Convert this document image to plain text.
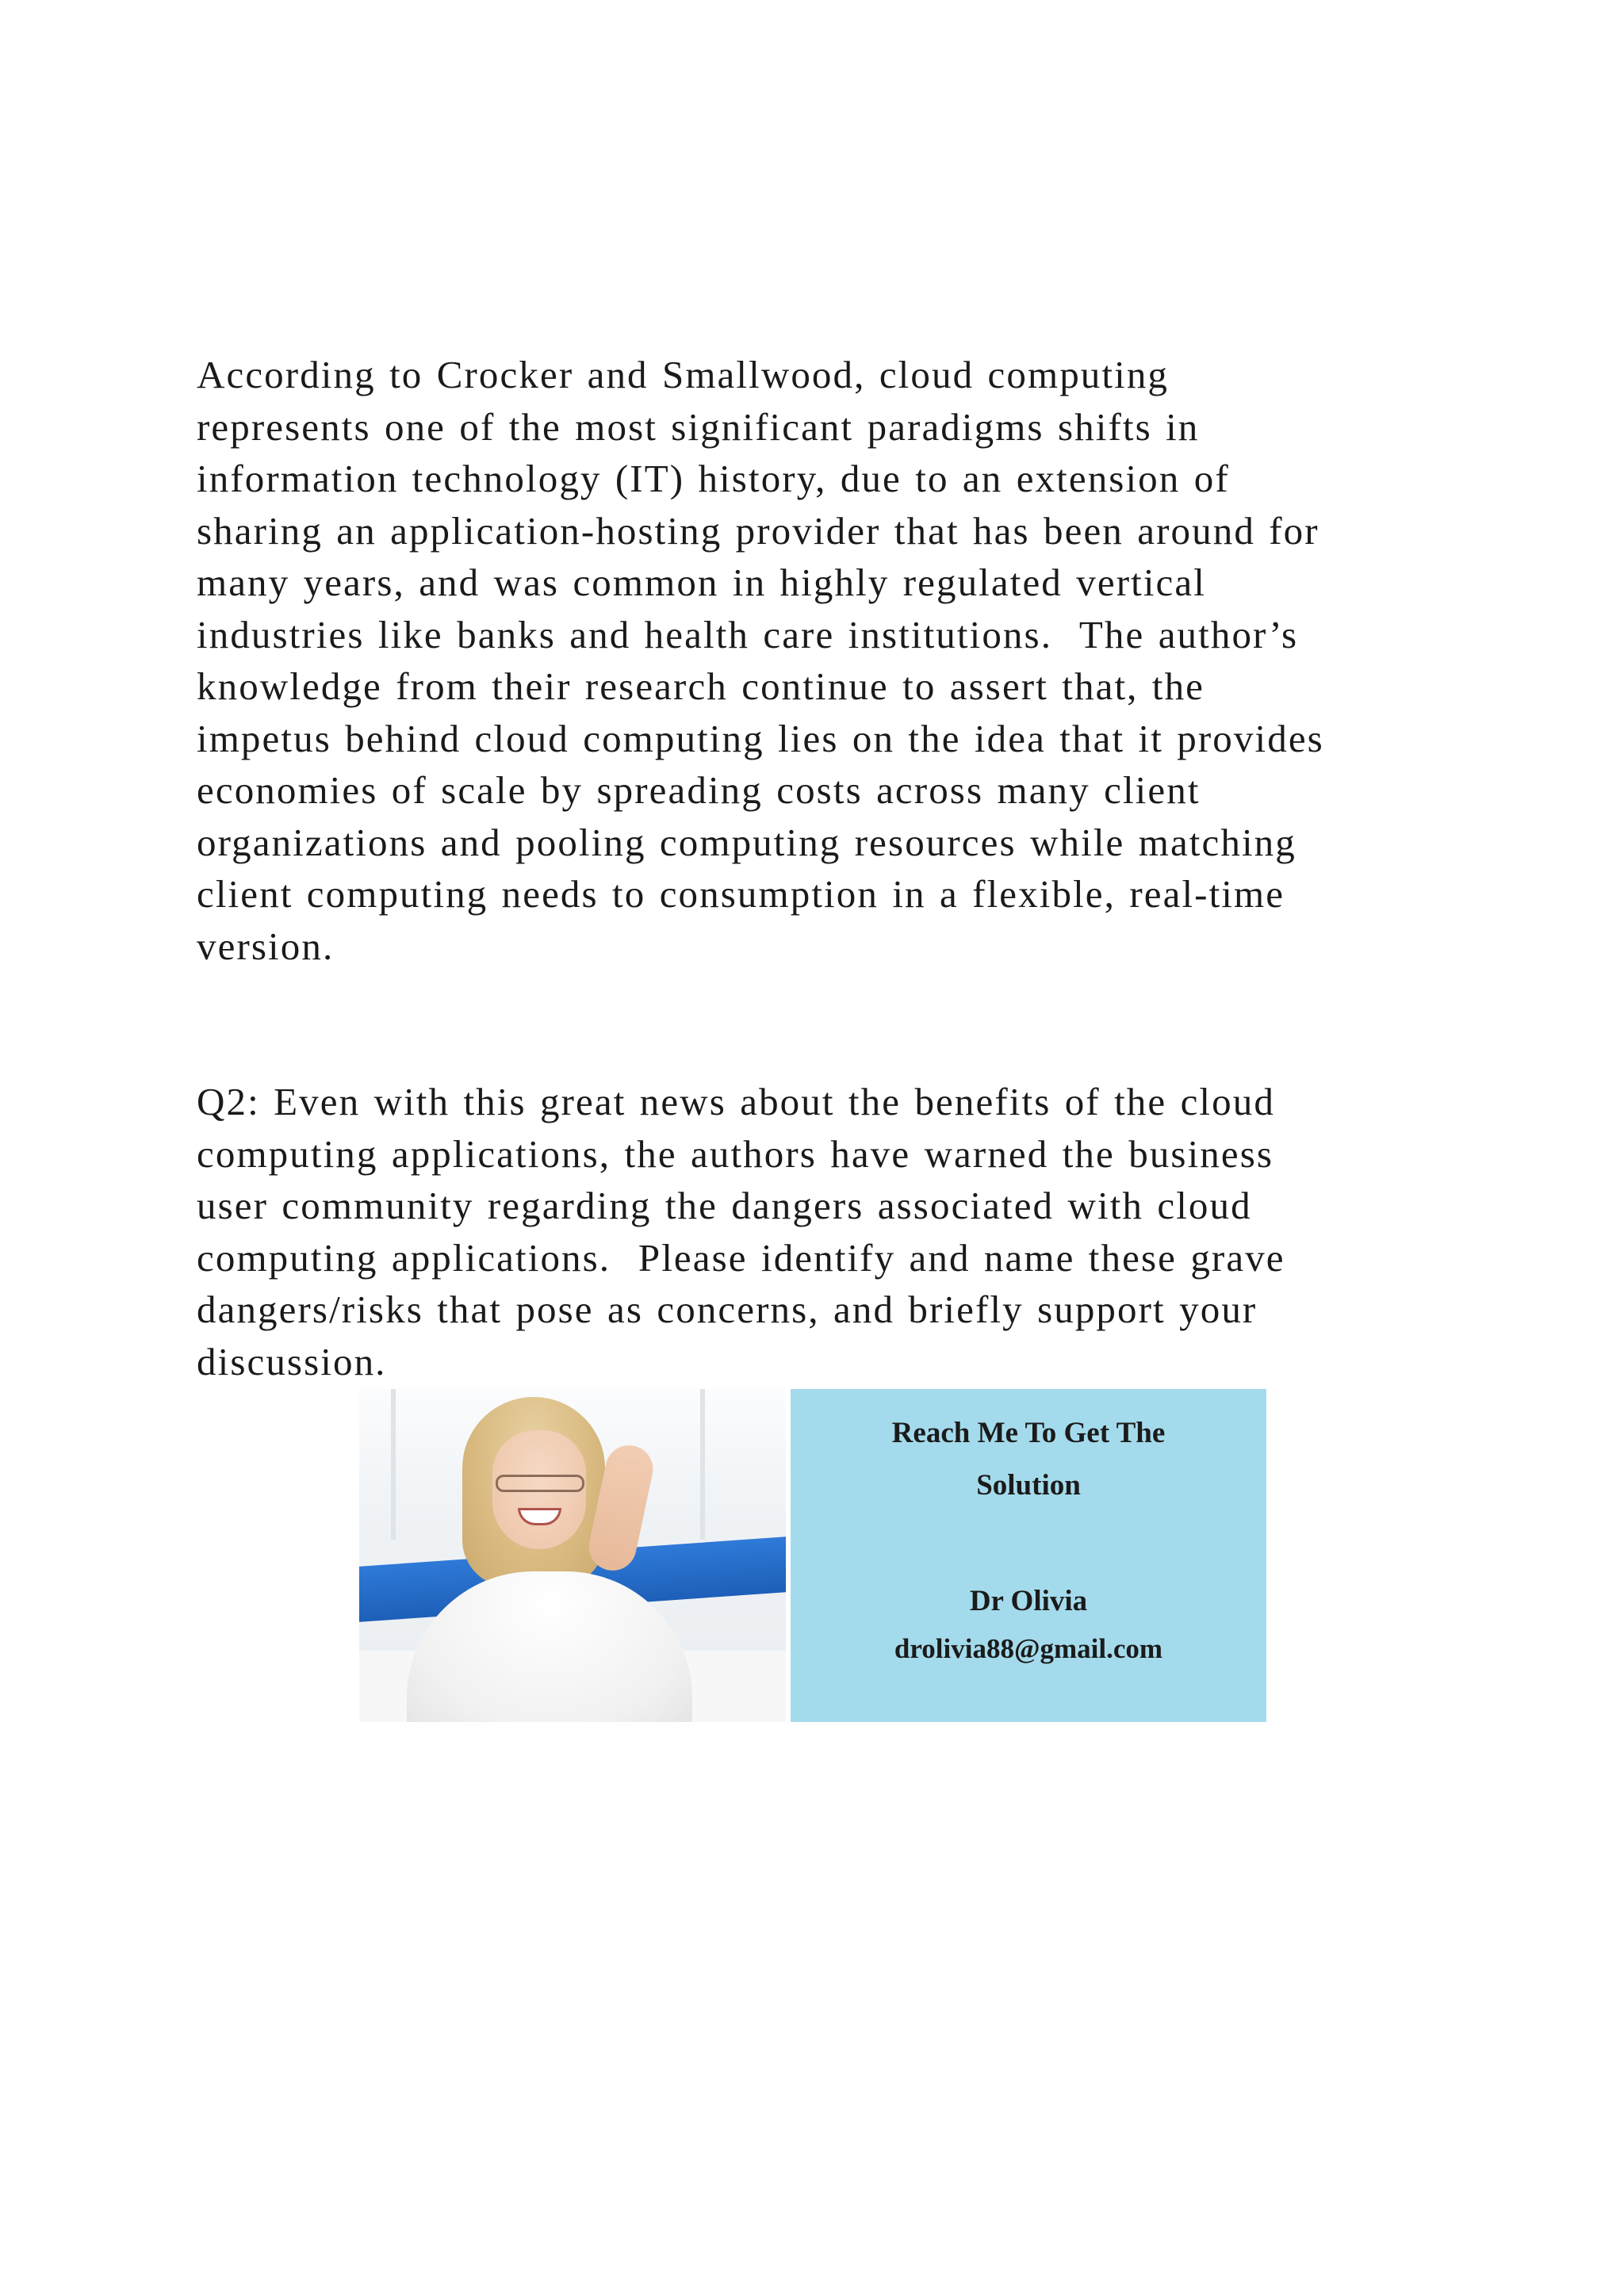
According to Crocker and Smallwood, cloud computing
represents one of the most significant paradigms shifts in
information technology (IT) history, due to an extension of
sharing an application-hosting provider that has been around for
many years, and was common in highly regulated vertical
industries like banks and health care institutions.  The author’s
knowledge from their research continue to assert that, the
impetus behind cloud computing lies on the idea that it provides
economies of scale by spreading costs across many client
organizations and pooling computing resources while matching
client computing needs to consumption in a flexible, real-time
version.

Q2: Even with this great news about the benefits of the cloud
computing applications, the authors have warned the business
user community regarding the dangers associated with cloud
computing applications.  Please identify and name these grave
dangers/risks that pose as concerns, and briefly support your
discussion.

Reach Me To Get The

Solution

Dr Olivia

drolivia88@gmail.com
